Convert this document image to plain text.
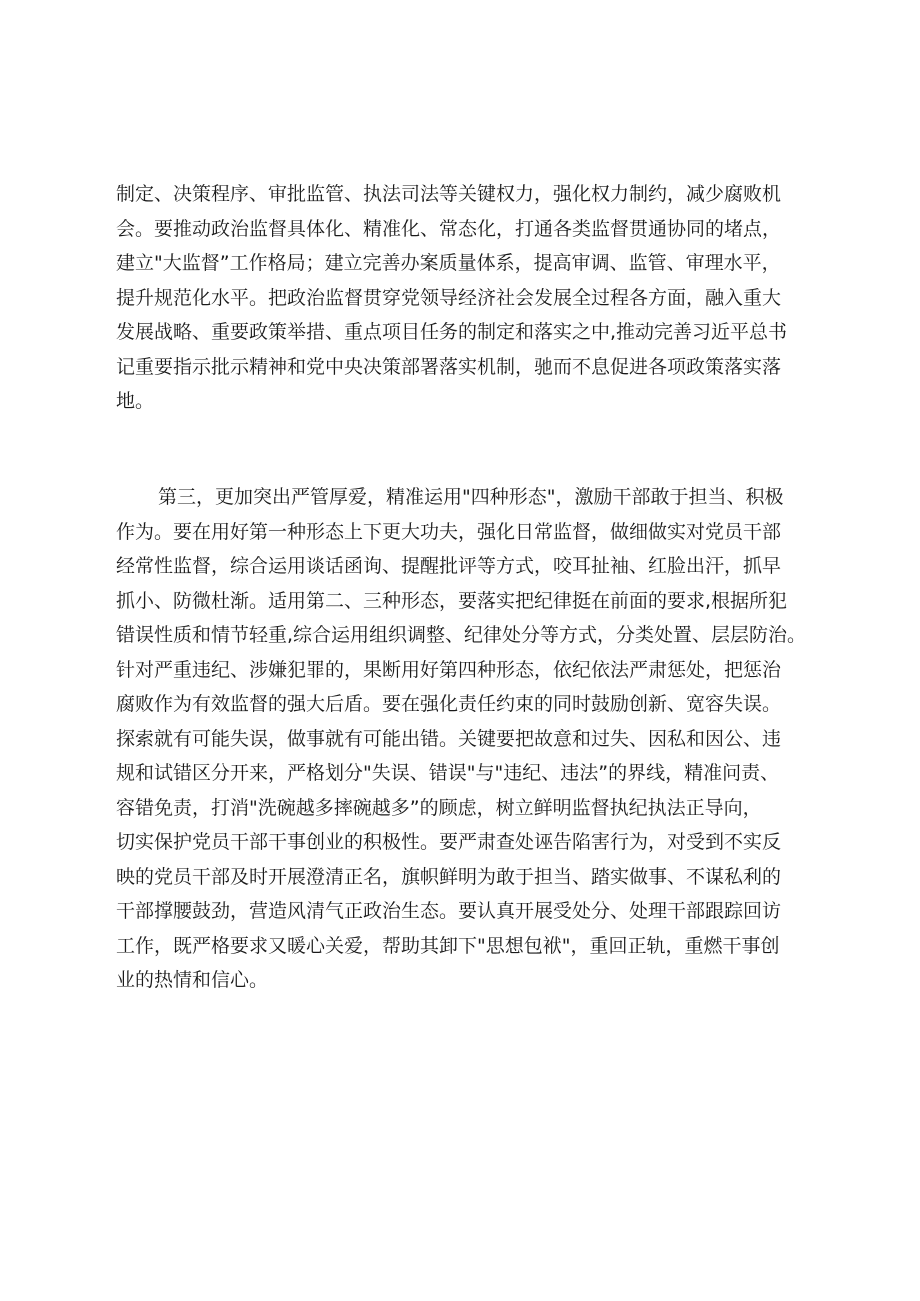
制定、决策程序、审批监管、执法司法等关键权力，强化权力制约，减少腐败机
会。要推动政治监督具体化、精准化、常态化，打通各类监督贯通协同的堵点，
建立"大监督”工作格局；建立完善办案质量体系，提高审调、监管、审理水平，
提升规范化水平。把政治监督贯穿党领导经济社会发展全过程各方面，融入重大
发展战略、重要政策举措、重点项目任务的制定和落实之中,推动完善习近平总书
记重要指示批示精神和党中央决策部署落实机制，驰而不息促进各项政策落实落
地。
第三，更加突出严管厚爱，精准运用"四种形态"，激励干部敢于担当、积极
作为。要在用好第一种形态上下更大功夫，强化日常监督，做细做实对党员干部
经常性监督，综合运用谈话函询、提醒批评等方式，咬耳扯袖、红脸出汗，抓早
抓小、防微杜渐。适用第二、三种形态，要落实把纪律挺在前面的要求,根据所犯
错误性质和情节轻重,综合运用组织调整、纪律处分等方式，分类处置、层层防治。
针对严重违纪、涉嫌犯罪的，果断用好第四种形态，依纪依法严肃惩处，把惩治
腐败作为有效监督的强大后盾。要在强化责任约束的同时鼓励创新、宽容失误。
探索就有可能失误，做事就有可能出错。关键要把故意和过失、因私和因公、违
规和试错区分开来，严格划分"失误、错误"与"违纪、违法”的界线，精准问责、
容错免责，打消"洗碗越多摔碗越多”的顾虑，树立鲜明监督执纪执法正导向，
切实保护党员干部干事创业的积极性。要严肃查处诬告陷害行为，对受到不实反
映的党员干部及时开展澄清正名，旗帜鲜明为敢于担当、踏实做事、不谋私利的
干部撑腰鼓劲，营造风清气正政治生态。要认真开展受处分、处理干部跟踪回访
工作，既严格要求又暖心关爱，帮助其卸下"思想包袱"，重回正轨，重燃干事创
业的热情和信心。
